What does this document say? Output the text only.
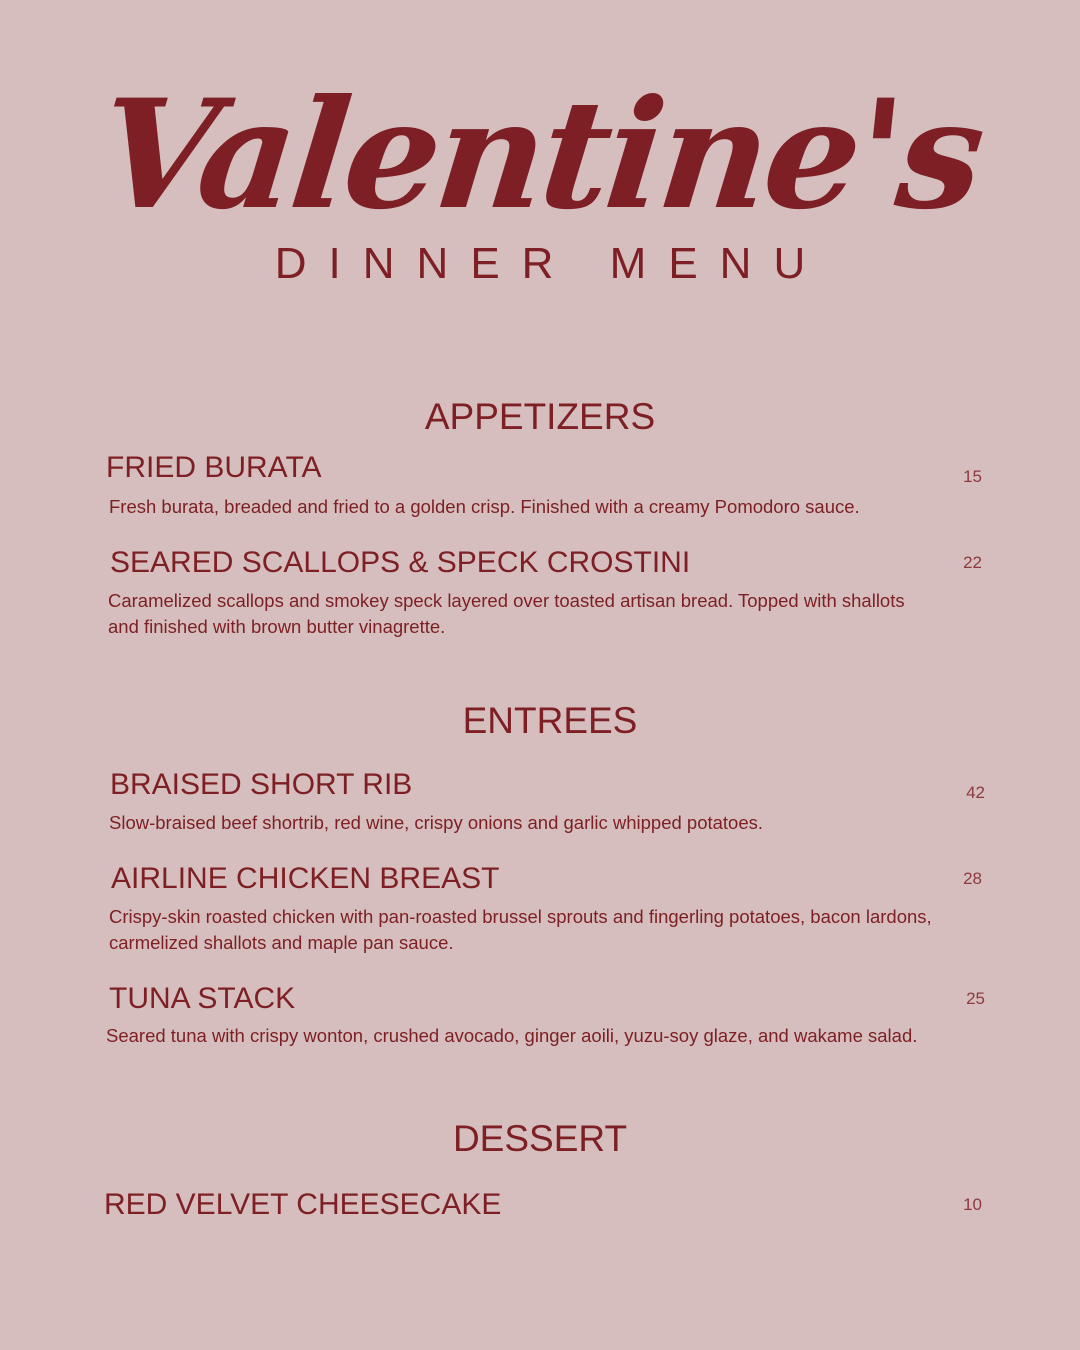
Valentine's
DINNER MENU
APPETIZERS
FRIED BURATA	15
Fresh burata, breaded and fried to a golden crisp. Finished with a creamy Pomodoro sauce.
SEARED SCALLOPS & SPECK CROSTINI	22
Caramelized scallops and smokey speck layered over toasted artisan bread. Topped with shallots and finished with brown butter vinagrette.
ENTREES
BRAISED SHORT RIB	42
Slow-braised beef shortrib, red wine, crispy onions and garlic whipped potatoes.
AIRLINE CHICKEN BREAST	28
Crispy-skin roasted chicken with pan-roasted brussel sprouts and fingerling potatoes, bacon lardons, carmelized shallots and maple pan sauce.
TUNA STACK	25
Seared tuna with crispy wonton, crushed avocado, ginger aoili, yuzu-soy glaze, and wakame salad.
DESSERT
RED VELVET CHEESECAKE	10
